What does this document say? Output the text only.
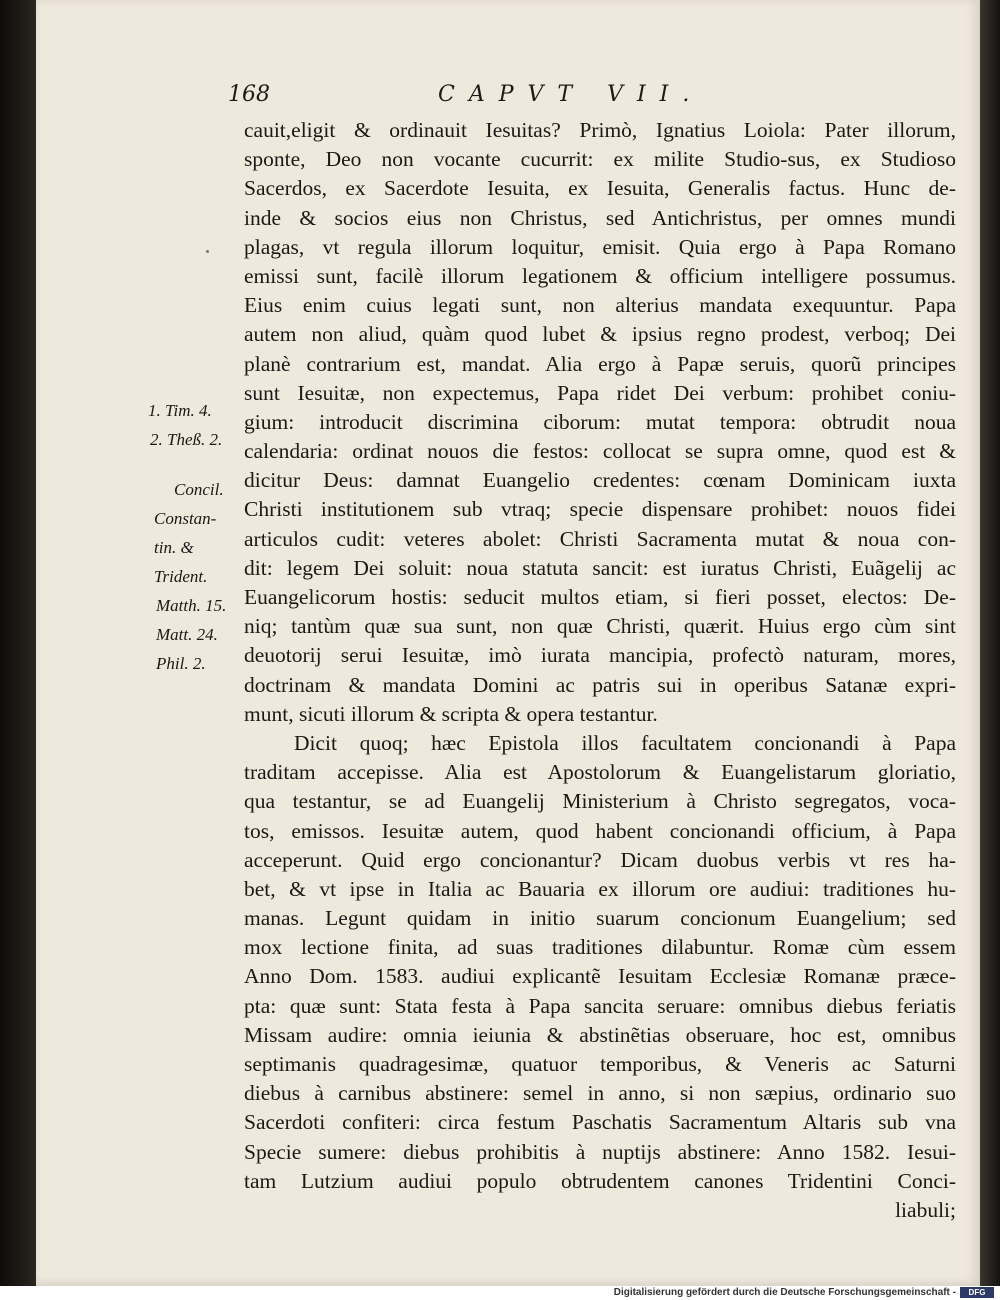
168	CAPVT VII.
cauit,eligit & ordinauit Iesuitas? Primò, Ignatius Loiola: Pater illorum,
sponte, Deo non vocante cucurrit: ex milite Studio-sus, ex Studioso
Sacerdos, ex Sacerdote Iesuita, ex Iesuita, Generalis factus. Hunc de-
inde & socios eius non Christus, sed Antichristus, per omnes mundi
plagas, vt regula illorum loquitur, emisit. Quia ergo à Papa Romano
emissi sunt, facilè illorum legationem & officium intelligere possumus.
Eius enim cuius legati sunt, non alterius mandata exequuntur. Papa
autem non aliud, quàm quod lubet & ipsius regno prodest, verboq; Dei
planè contrarium est, mandat. Alia ergo à Papæ seruis, quorũ principes
sunt Iesuitæ, non expectemus, Papa ridet Dei verbum: prohibet coniu-
gium: introducit discrimina ciborum: mutat tempora: obtrudit noua
calendaria: ordinat nouos die festos: collocat se supra omne, quod est &
dicitur Deus: damnat Euangelio credentes: cœnam Dominicam iuxta
Christi institutionem sub vtraq; specie dispensare prohibet: nouos fidei
articulos cudit: veteres abolet: Christi Sacramenta mutat & noua con-
dit: legem Dei soluit: noua statuta sancit: est iuratus Christi, Euãgelij ac
Euangelicorum hostis: seducit multos etiam, si fieri posset, electos: De-
niq; tantùm quæ sua sunt, non quæ Christi, quærit. Huius ergo cùm sint
deuotorij serui Iesuitæ, imò iurata mancipia, profectò naturam, mores,
doctrinam & mandata Domini ac patris sui in operibus Satanæ expri-
munt, sicuti illorum & scripta & opera testantur.
Dicit quoq; hæc Epistola illos facultatem concionandi à Papa
traditam accepisse. Alia est Apostolorum & Euangelistarum gloriatio,
qua testantur, se ad Euangelij Ministerium à Christo segregatos, voca-
tos, emissos. Iesuitæ autem, quod habent concionandi officium, à Papa
acceperunt. Quid ergo concionantur? Dicam duobus verbis vt res ha-
bet, & vt ipse in Italia ac Bauaria ex illorum ore audiui: traditiones hu-
manas. Legunt quidam in initio suarum concionum Euangelium; sed
mox lectione finita, ad suas traditiones dilabuntur. Romæ cùm essem
Anno Dom. 1583. audiui explicantẽ Iesuitam Ecclesiæ Romanæ præce-
pta: quæ sunt: Stata festa à Papa sancita seruare: omnibus diebus feriatis
Missam audire: omnia ieiunia & abstinẽtias obseruare, hoc est, omnibus
septimanis quadragesimæ, quatuor temporibus, & Veneris ac Saturni
diebus à carnibus abstinere: semel in anno, si non sæpius, ordinario suo
Sacerdoti confiteri: circa festum Paschatis Sacramentum Altaris sub vna
Specie sumere: diebus prohibitis à nuptijs abstinere: Anno 1582. Iesui-
tam Lutzium audiui populo obtrudentem canones Tridentini Conci-
liabuli;
1. Tim. 4.
2. Theß. 2.
Concil.
Constan-
tin. &
Trident.
Matth. 15.
Matt. 24.
Phil. 2.
Digitalisierung gefördert durch die Deutsche Forschungsgemeinschaft -	DFG
